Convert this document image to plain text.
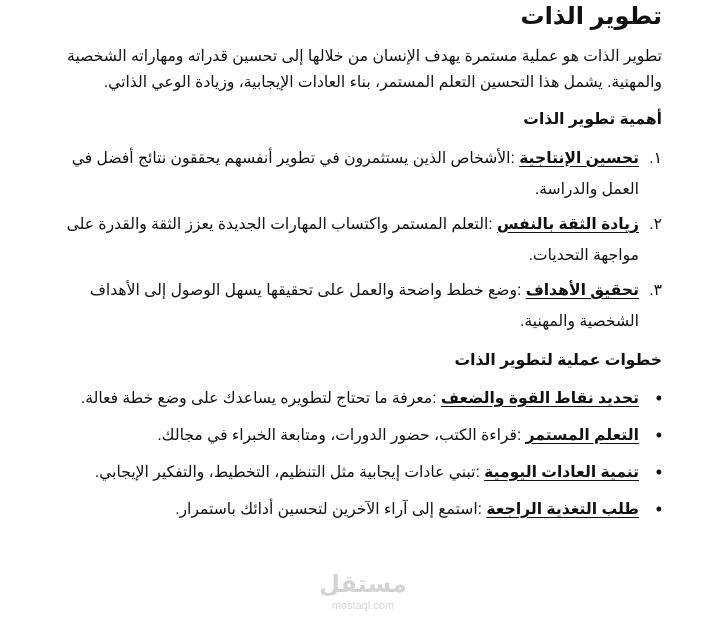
تطوير الذات

تطوير الذات هو عملية مستمرة يهدف الإنسان من خلالها إلى تحسين قدراته ومهاراته الشخصية والمهنية. يشمل هذا التحسين التعلم المستمر، بناء العادات الإيجابية، وزيادة الوعي الذاتي.

أهمية تطوير الذات
١.
تحسين الإنتاجية :الأشخاص الذين يستثمرون في تطوير أنفسهم يحققون نتائج أفضل في العمل والدراسة.
٢.
زيادة الثقة بالنفس :التعلم المستمر واكتساب المهارات الجديدة يعزز الثقة والقدرة على مواجهة التحديات.
٣.
تحقيق الأهداف :وضع خطط واضحة والعمل على تحقيقها يسهل الوصول إلى الأهداف الشخصية والمهنية.
خطوات عملية لتطوير الذات
•
تحديد نقاط القوة والضعف :معرفة ما تحتاج لتطويره يساعدك على وضع خطة فعالة.
•
التعلم المستمر :قراءة الكتب، حضور الدورات، ومتابعة الخبراء في مجالك.
•
تنمية العادات اليومية :تبني عادات إيجابية مثل التنظيم، التخطيط، والتفكير الإيجابي.
•
طلب التغذية الراجعة :استمع إلى آراء الآخرين لتحسين أدائك باستمرار.
مستقل
mostaql.com
